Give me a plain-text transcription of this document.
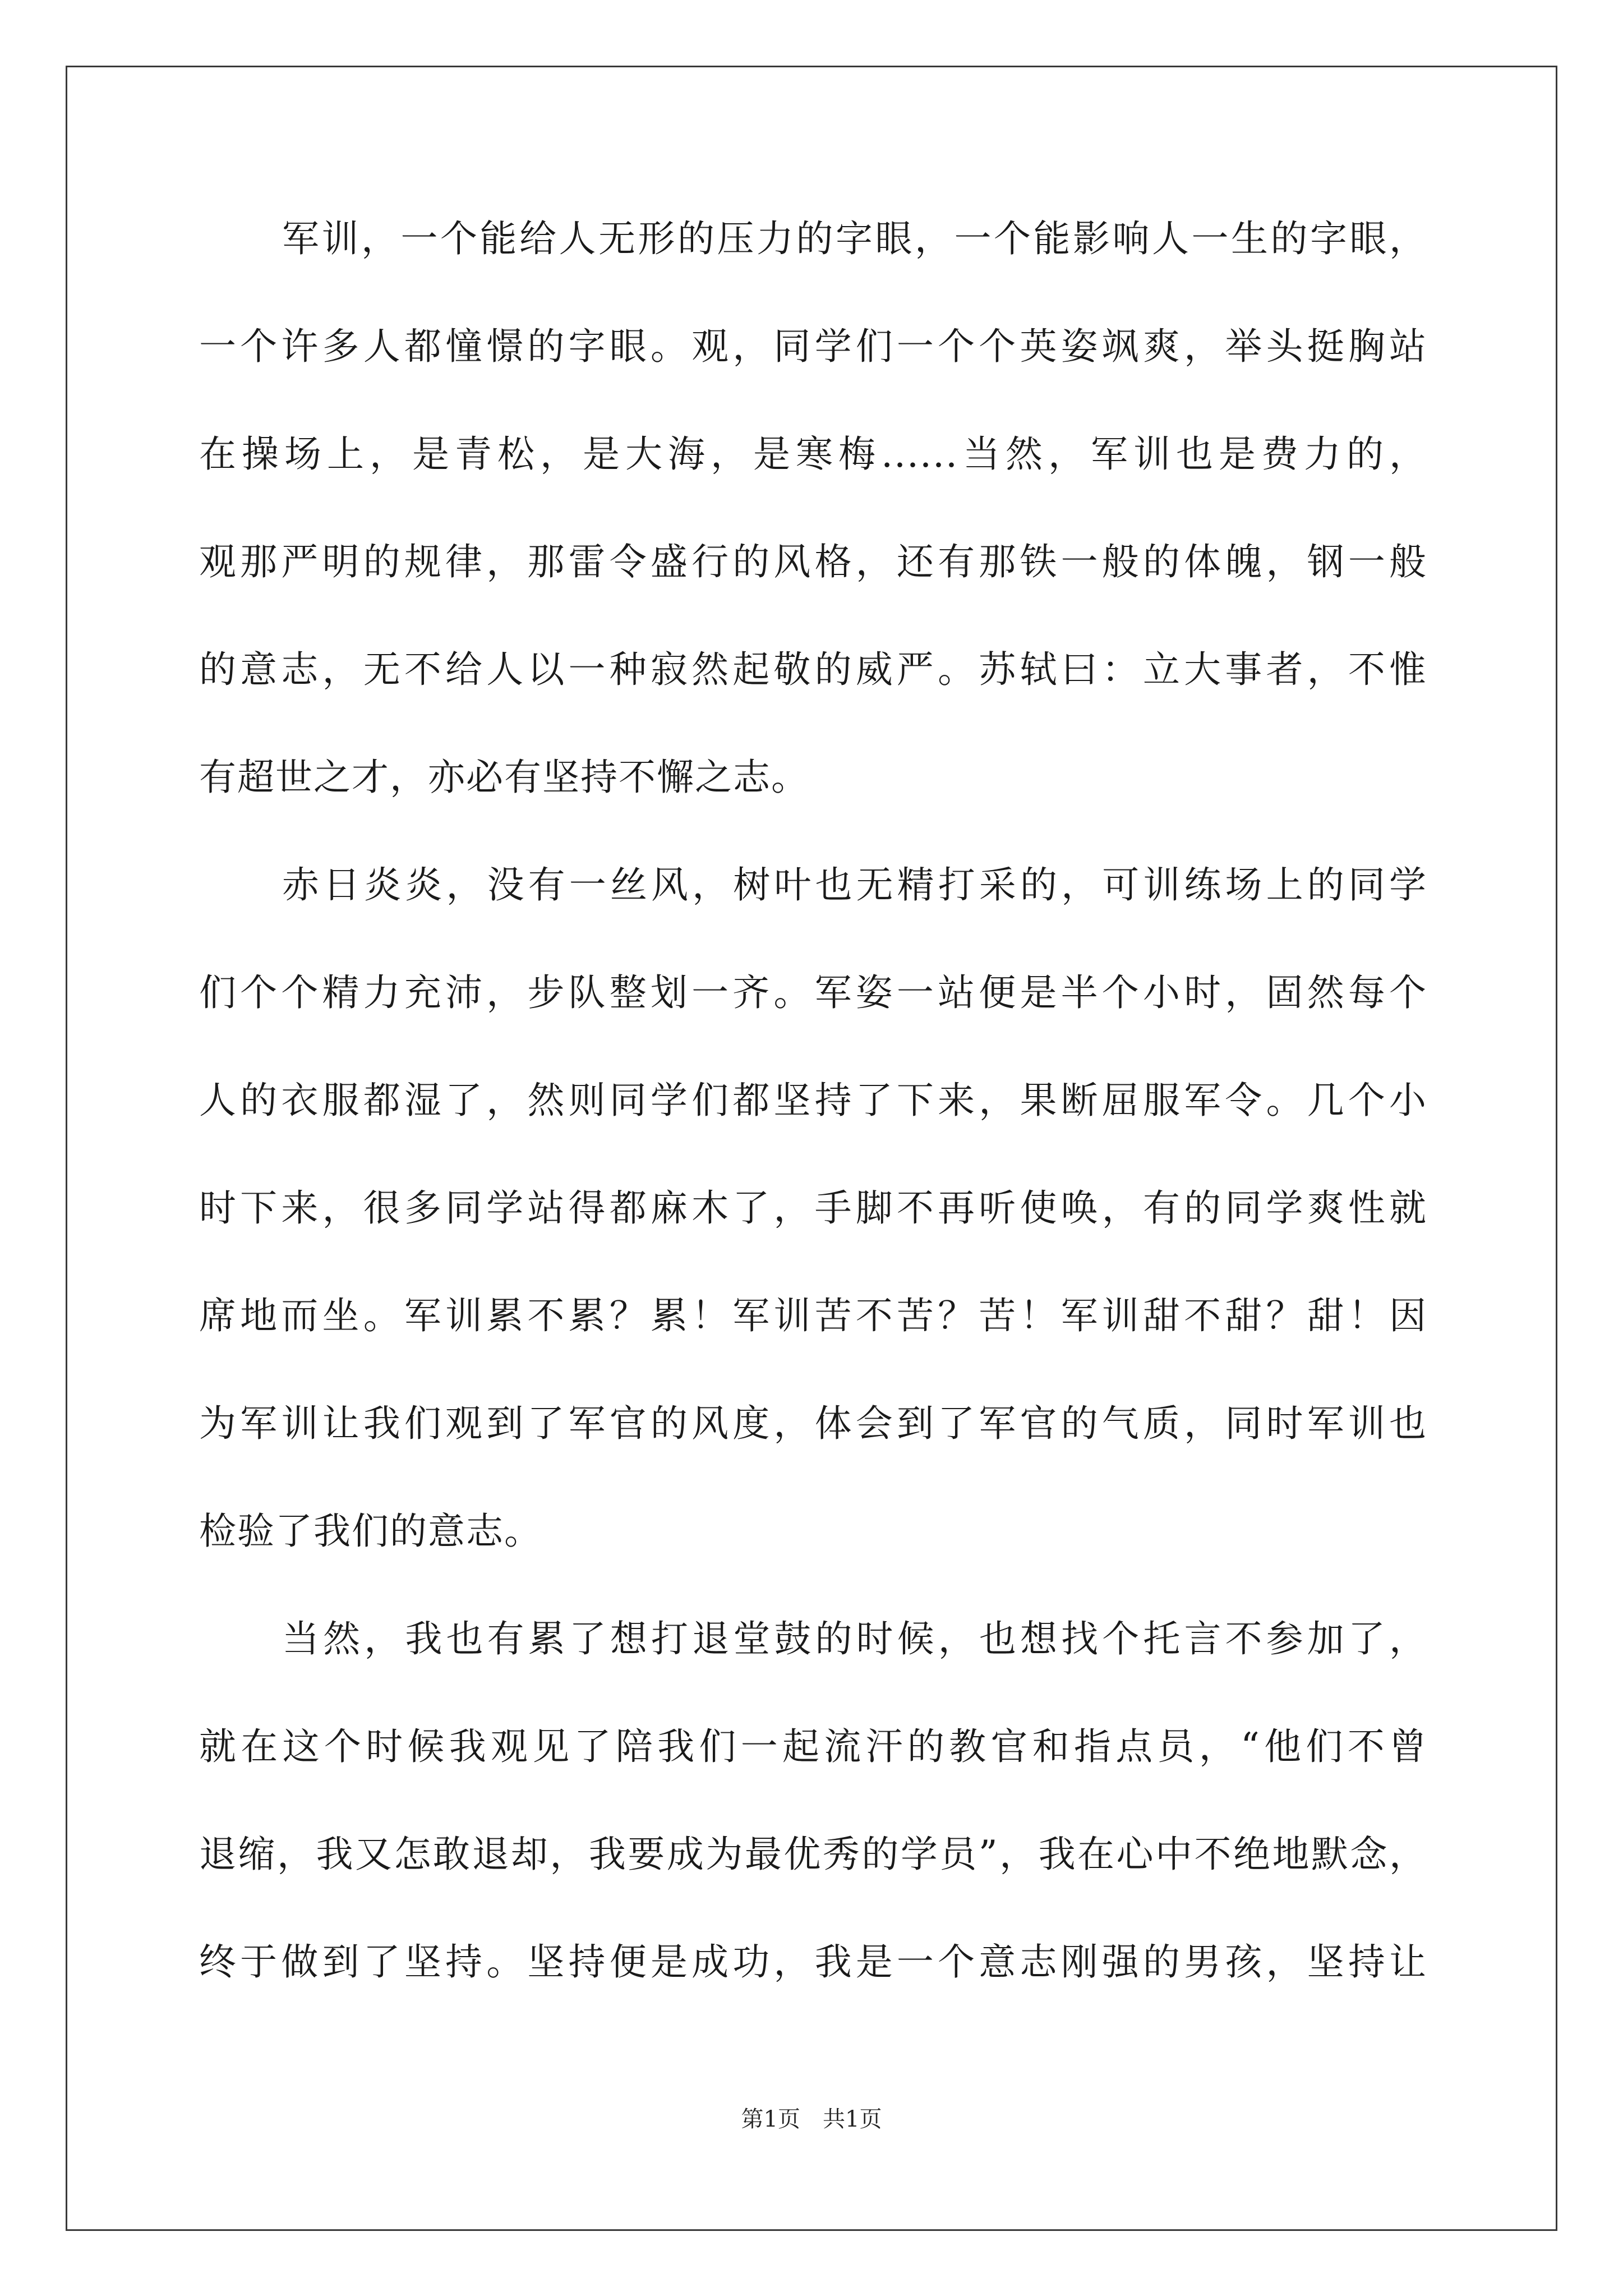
军训，一个能给人无形的压力的字眼，一个能影响人一生的字眼，
一个许多人都憧憬的字眼。观，同学们一个个英姿飒爽，举头挺胸站
在操场上，是青松，是大海，是寒梅......当然，军训也是费力的，
观那严明的规律，那雷令盛行的风格，还有那铁一般的体魄，钢一般
的意志，无不给人以一种寂然起敬的威严。苏轼曰：立大事者，不惟
有超世之才，亦必有坚持不懈之志。
赤日炎炎，没有一丝风，树叶也无精打采的，可训练场上的同学
们个个精力充沛，步队整划一齐。军姿一站便是半个小时，固然每个
人的衣服都湿了，然则同学们都坚持了下来，果断屈服军令。几个小
时下来，很多同学站得都麻木了，手脚不再听使唤，有的同学爽性就
席地而坐。军训累不累？累！军训苦不苦？苦！军训甜不甜？甜！因
为军训让我们观到了军官的风度，体会到了军官的气质，同时军训也
检验了我们的意志。
当然，我也有累了想打退堂鼓的时候，也想找个托言不参加了，
就在这个时候我观见了陪我们一起流汗的教官和指点员，“他们不曾
退缩，我又怎敢退却，我要成为最优秀的学员”，我在心中不绝地默念，
终于做到了坚持。坚持便是成功，我是一个意志刚强的男孩，坚持让
第1页　共1页
